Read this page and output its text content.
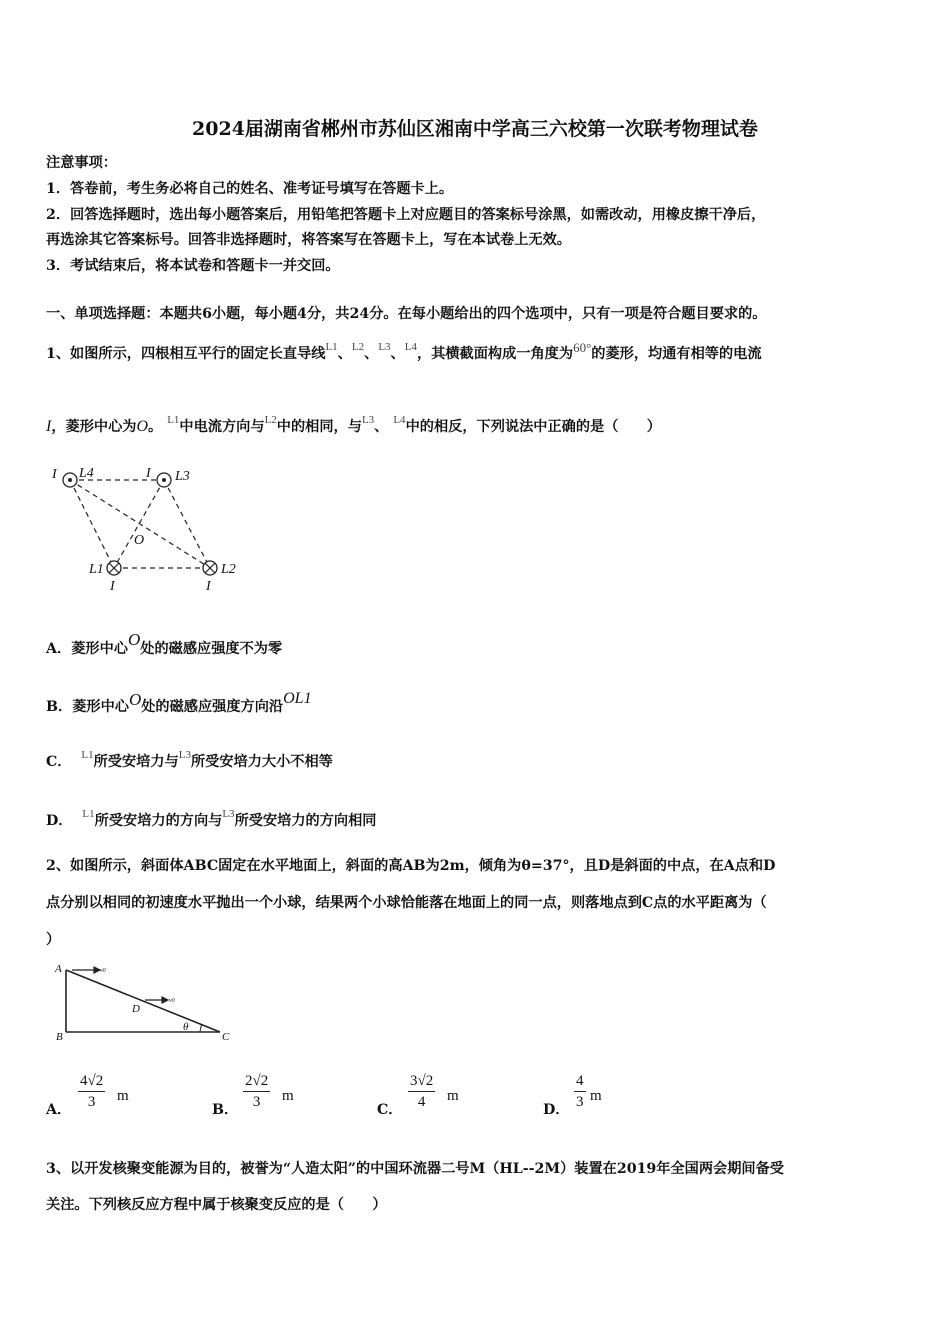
2024届湖南省郴州市苏仙区湘南中学高三六校第一次联考物理试卷
注意事项：
1．答卷前，考生务必将自己的姓名、准考证号填写在答题卡上。
2．回答选择题时，选出每小题答案后，用铅笔把答题卡上对应题目的答案标号涂黑，如需改动，用橡皮擦干净后，
再选涂其它答案标号。回答非选择题时，将答案写在答题卡上，写在本试卷上无效。
3．考试结束后，将本试卷和答题卡一并交回。
一、单项选择题：本题共6小题，每小题4分，共24分。在每小题给出的四个选项中，只有一项是符合题目要求的。
1、如图所示，四根相互平行的固定长直导线$^{L1}$、$^{L2}$、$^{L3}$、$^{L4}$，其横截面构成一角度为60°的菱形，均通有相等的电流
I，菱形中心为O。 $^{L1}$中电流方向与$^{L2}$中的相同，与$^{L3}$、 $^{L4}$中的相反，下列说法中正确的是（　　）
I L4	I L3
O
L1
I
L2
I
A．菱形中心O处的磁感应强度不为零
B．菱形中心O处的磁感应强度方向沿OL1
C． $^{L1}$所受安培力与$^{L3}$所受安培力大小不相等
D． $^{L1}$所受安培力的方向与$^{L3}$所受安培力的方向相同
2、如图所示，斜面体ABC固定在水平地面上，斜面的高AB为2m，倾角为θ=37°，且D是斜面的中点，在A点和D
点分别以相同的初速度水平抛出一个小球，结果两个小球恰能落在地面上的同一点，则落地点到C点的水平距离为（
）
A
B	C
D
θ
v0
v0
A． $\frac{4√2}{3}$ m
B． $\frac{2√2}{3}$ m
C． $\frac{3√2}{4}$ m
D． $\frac{4}{3}$ m
3、以开发核聚变能源为目的，被誉为“人造太阳”的中国环流器二号M（HL--2M）装置在2019年全国两会期间备受
关注。下列核反应方程中属于核聚变反应的是（　　）
